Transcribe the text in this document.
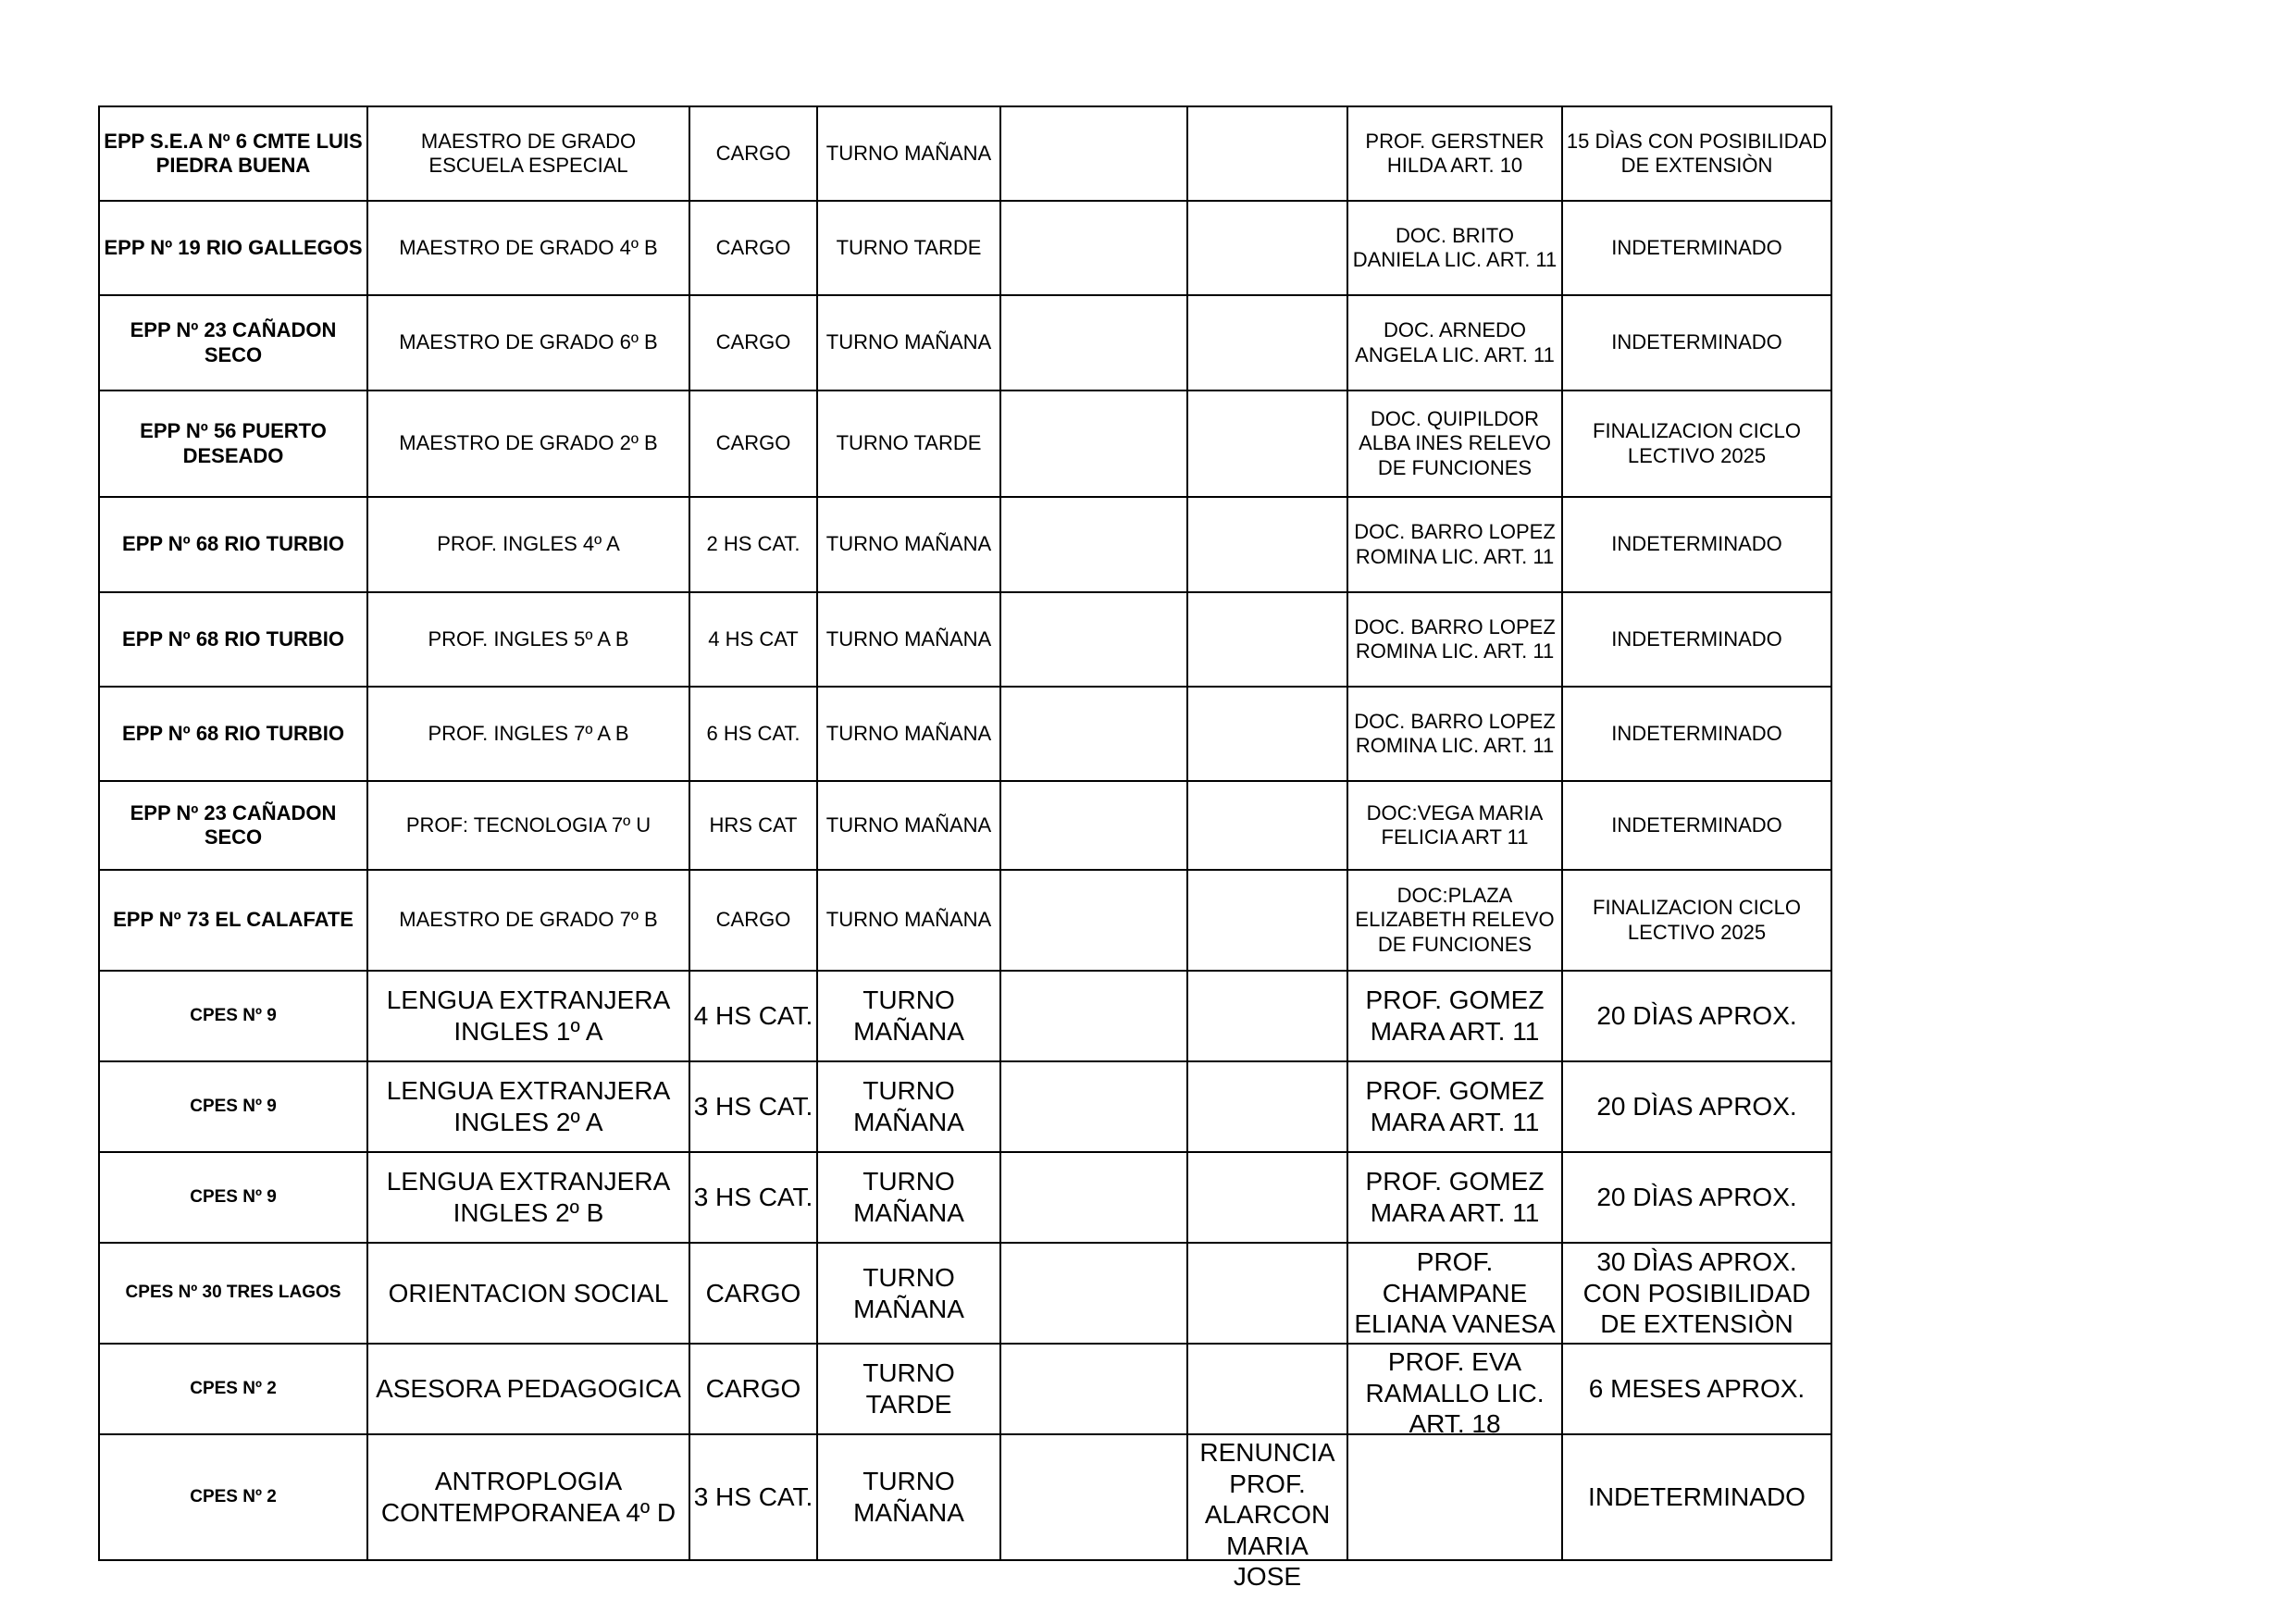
EPP S.E.A Nº 6 CMTE LUIS PIEDRA BUENA	MAESTRO DE GRADO ESCUELA ESPECIAL	CARGO	TURNO MAÑANA			PROF. GERSTNER HILDA ART. 10	15 DÌAS CON POSIBILIDAD DE EXTENSIÒN

EPP Nº 19 RIO GALLEGOS	MAESTRO DE GRADO 4º B	CARGO	TURNO TARDE			DOC. BRITO DANIELA LIC. ART. 11	INDETERMINADO

EPP Nº 23 CAÑADON SECO	MAESTRO DE GRADO 6º B	CARGO	TURNO MAÑANA			DOC. ARNEDO ANGELA LIC. ART. 11	INDETERMINADO

EPP Nº 56 PUERTO DESEADO	MAESTRO DE GRADO 2º B	CARGO	TURNO TARDE			DOC. QUIPILDOR ALBA INES RELEVO DE FUNCIONES	FINALIZACION CICLO LECTIVO 2025

EPP Nº 68 RIO TURBIO	PROF. INGLES 4º A	2 HS CAT.	TURNO MAÑANA			DOC. BARRO LOPEZ ROMINA LIC. ART. 11	INDETERMINADO

EPP Nº 68 RIO TURBIO	PROF. INGLES 5º A B	4 HS CAT	TURNO MAÑANA			DOC. BARRO LOPEZ ROMINA LIC. ART. 11	INDETERMINADO

EPP Nº 68 RIO TURBIO	PROF. INGLES 7º A B	6 HS CAT.	TURNO MAÑANA			DOC. BARRO LOPEZ ROMINA LIC. ART. 11	INDETERMINADO

EPP Nº 23 CAÑADON SECO	PROF: TECNOLOGIA 7º U	HRS CAT	TURNO MAÑANA			DOC:VEGA MARIA FELICIA ART 11	INDETERMINADO

EPP Nº 73 EL CALAFATE	MAESTRO DE GRADO 7º B	CARGO	TURNO MAÑANA			DOC:PLAZA ELIZABETH RELEVO DE FUNCIONES	FINALIZACION CICLO LECTIVO 2025

CPES Nº 9	LENGUA EXTRANJERA INGLES 1º A	4 HS CAT.	TURNO MAÑANA			PROF. GOMEZ MARA ART. 11	20 DÌAS APROX.

CPES Nº 9	LENGUA EXTRANJERA INGLES 2º A	3 HS CAT.	TURNO MAÑANA			PROF. GOMEZ MARA ART. 11	20 DÌAS APROX.

CPES Nº 9	LENGUA EXTRANJERA INGLES 2º B	3 HS CAT.	TURNO MAÑANA			PROF. GOMEZ MARA ART. 11	20 DÌAS APROX.

CPES Nº 30 TRES LAGOS	ORIENTACION SOCIAL	CARGO	TURNO MAÑANA			PROF. CHAMPANE ELIANA VANESA	30 DÌAS APROX. CON POSIBILIDAD DE EXTENSIÒN

CPES Nº 2	ASESORA PEDAGOGICA	CARGO	TURNO TARDE			PROF. EVA RAMALLO LIC. ART. 18	6 MESES APROX.

CPES Nº 2	ANTROPLOGIA CONTEMPORANEA 4º D	3 HS CAT.	TURNO MAÑANA		RENUNCIA PROF. ALARCON MARIA JOSE		INDETERMINADO
